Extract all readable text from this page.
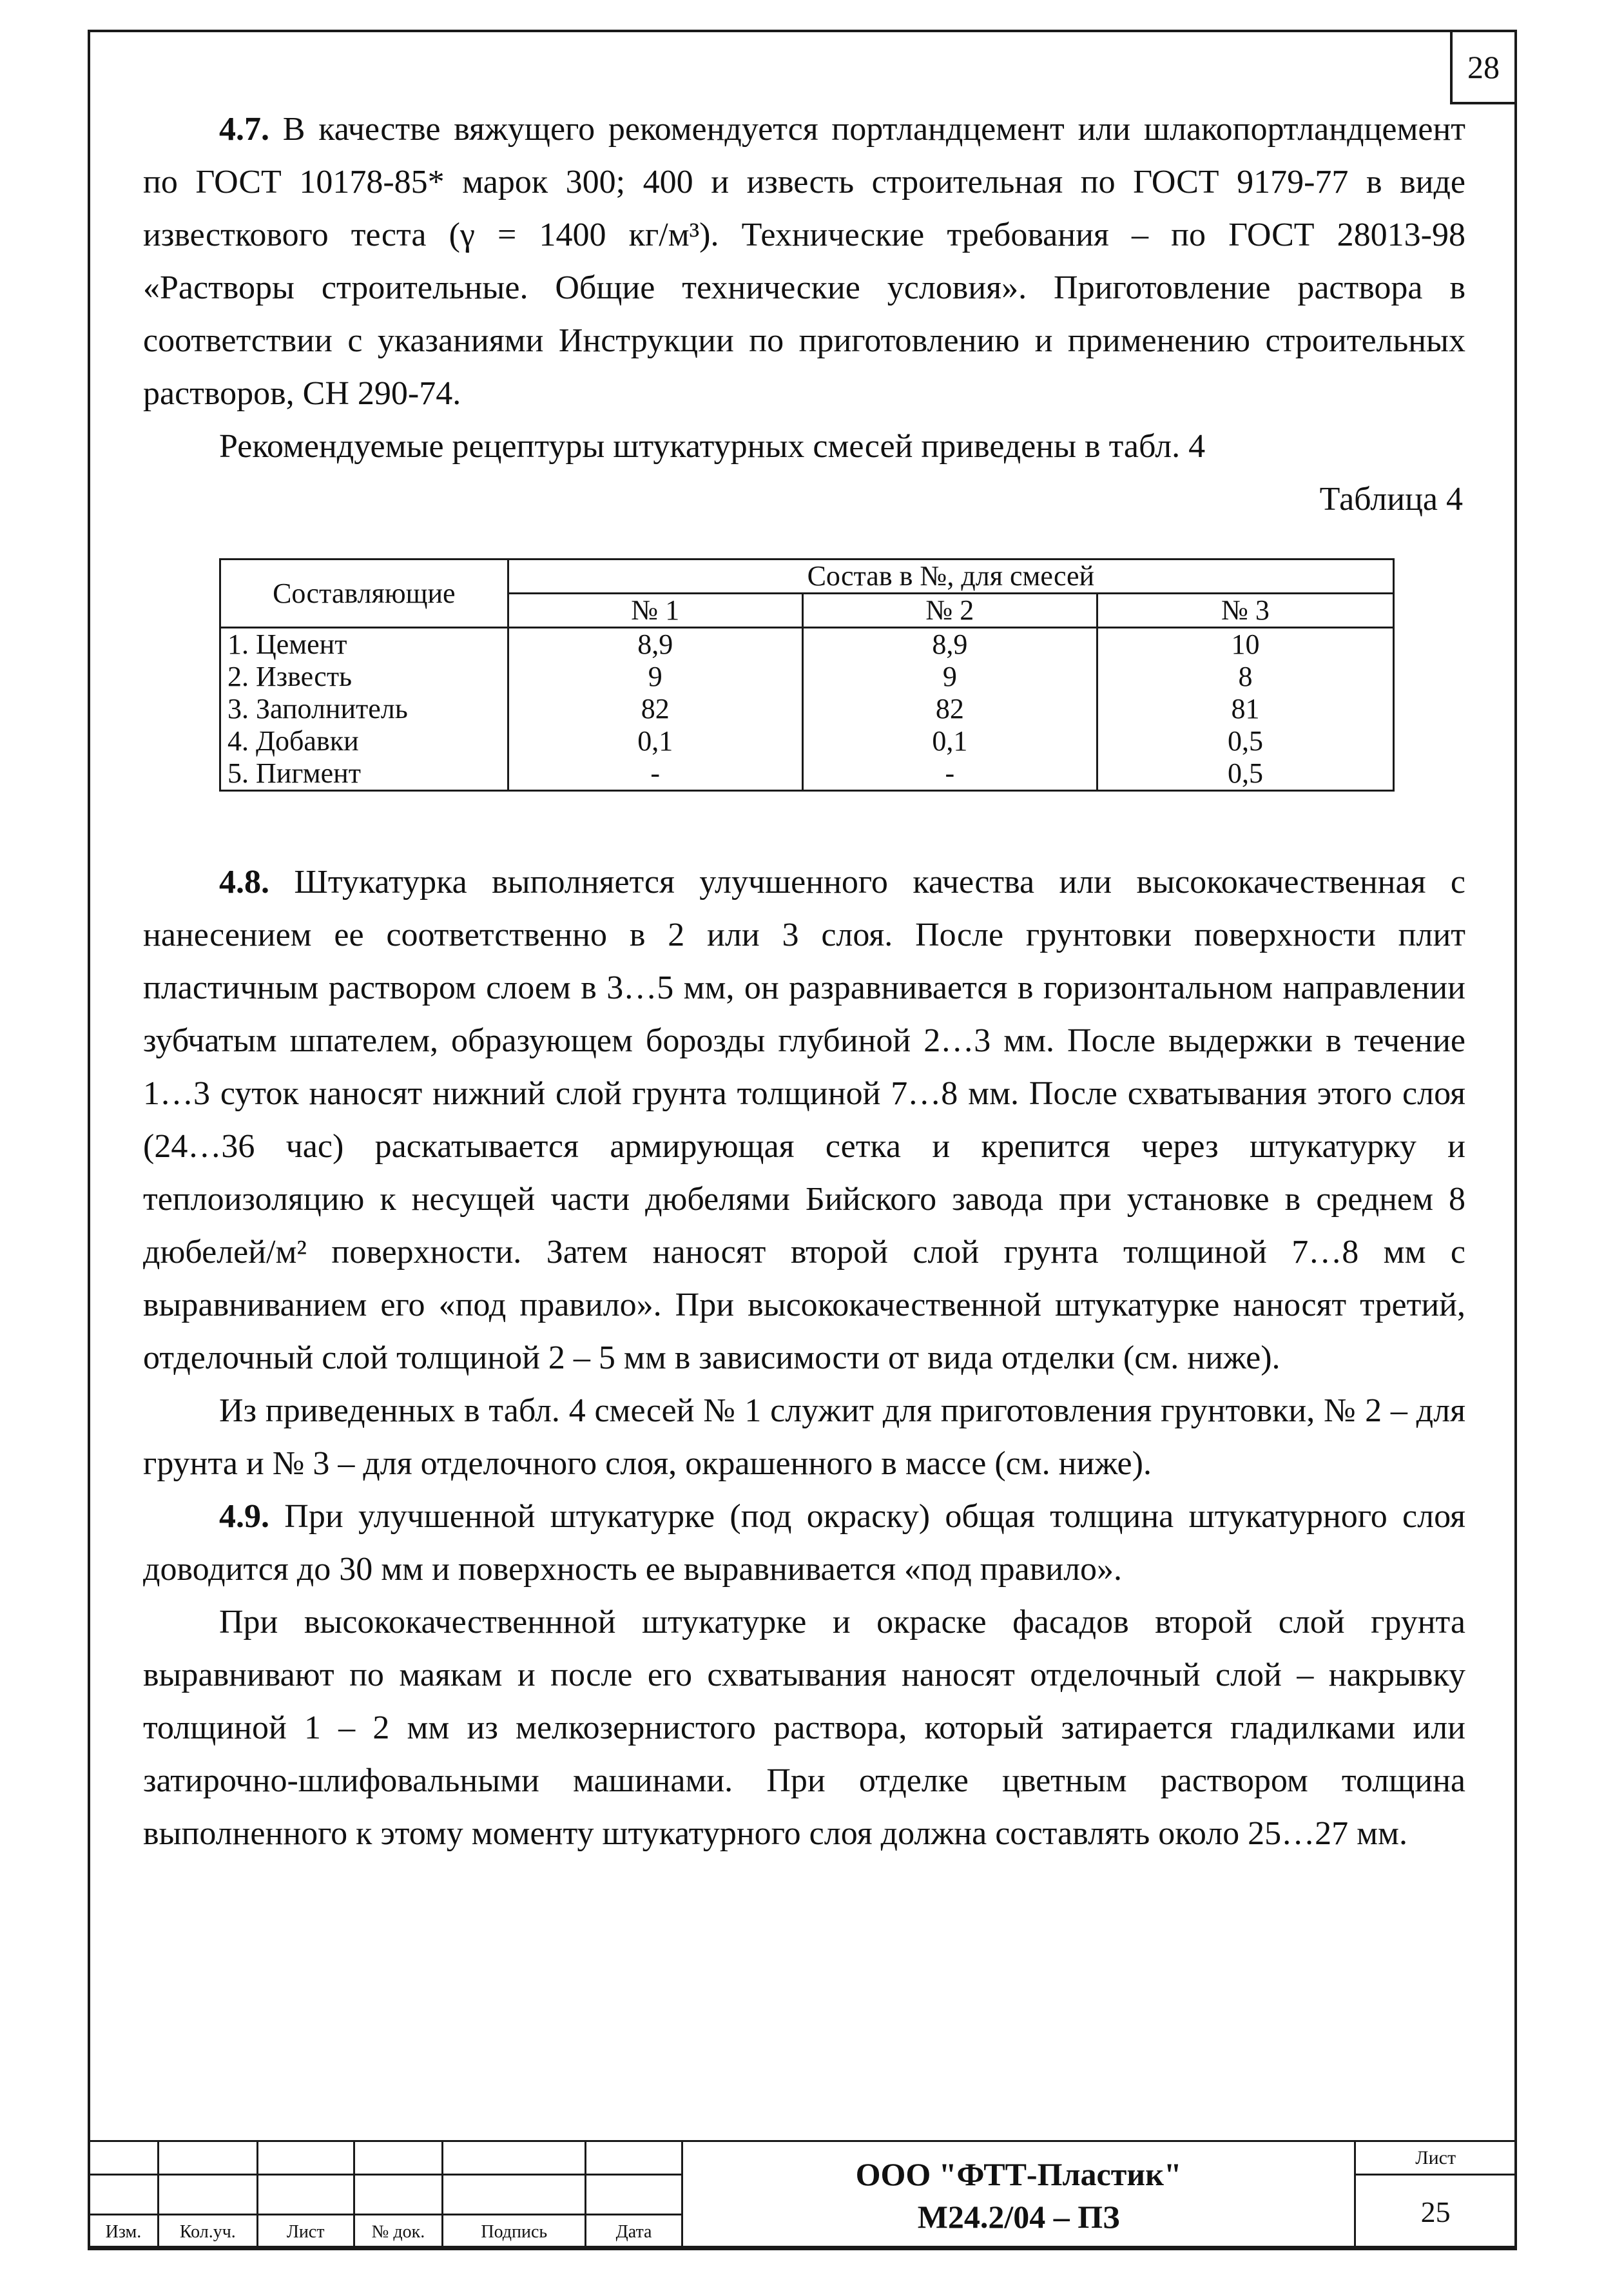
28

4.7. В качестве вяжущего рекомендуется портландцемент или шлакопортландцемент по ГОСТ 10178-85* марок 300; 400 и известь строительная по ГОСТ 9179-77 в виде известкового теста (γ = 1400 кг/м³). Технические требования – по ГОСТ 28013-98 «Растворы строительные. Общие технические условия». Приготовление раствора в соответствии с указаниями Инструкции по приготовлению и применению строительных растворов, СН 290-74.

Рекомендуемые рецептуры штукатурных смесей приведены в табл. 4

Таблица 4

Составляющие	Состав в №, для смесей		
	№ 1	№ 2	№ 3
1. Цемент	8,9	8,9	10
2. Известь	9	9	8
3. Заполнитель	82	82	81
4. Добавки	0,1	0,1	0,5
5. Пигмент	-	-	0,5

4.8. Штукатурка выполняется улучшенного качества или высококачественная с нанесением ее соответственно в 2 или 3 слоя. После грунтовки поверхности плит пластичным раствором слоем в 3…5 мм, он разравнивается в горизонтальном направлении зубчатым шпателем, образующем борозды глубиной 2…3 мм. После выдержки в течение 1…3 суток наносят нижний слой грунта толщиной 7…8 мм. После схватывания этого слоя (24…36 час) раскатывается армирующая сетка и крепится через штукатурку и теплоизоляцию к несущей части дюбелями Бийского завода при установке в среднем 8 дюбелей/м² поверхности. Затем наносят второй слой грунта толщиной 7…8 мм с выравниванием его «под правило». При высококачественной штукатурке наносят третий, отделочный слой толщиной 2 – 5 мм в зависимости от вида отделки (см. ниже).

Из приведенных в табл. 4 смесей № 1 служит для приготовления грунтовки, № 2 – для грунта и № 3 – для отделочного слоя, окрашенного в массе (см. ниже).

4.9. При улучшенной штукатурке (под окраску) общая толщина штукатурного слоя доводится до 30 мм и поверхность ее выравнивается «под правило».

При высококачественнной штукатурке и окраске фасадов второй слой грунта выравнивают по маякам и после его схватывания наносят отделочный слой – накрывку толщиной 1 – 2 мм из мелкозернистого раствора, который затирается гладилками или затирочно-шлифовальными машинами. При отделке цветным раствором толщина выполненного к этому моменту штукатурного слоя должна составлять около 25…27 мм.

						ООО "ФТТ-Пластик"
М24.2/04 – ПЗ	Лист
							25
Изм.	Кол.уч.	Лист	№ док.	Подпись	Дата		
